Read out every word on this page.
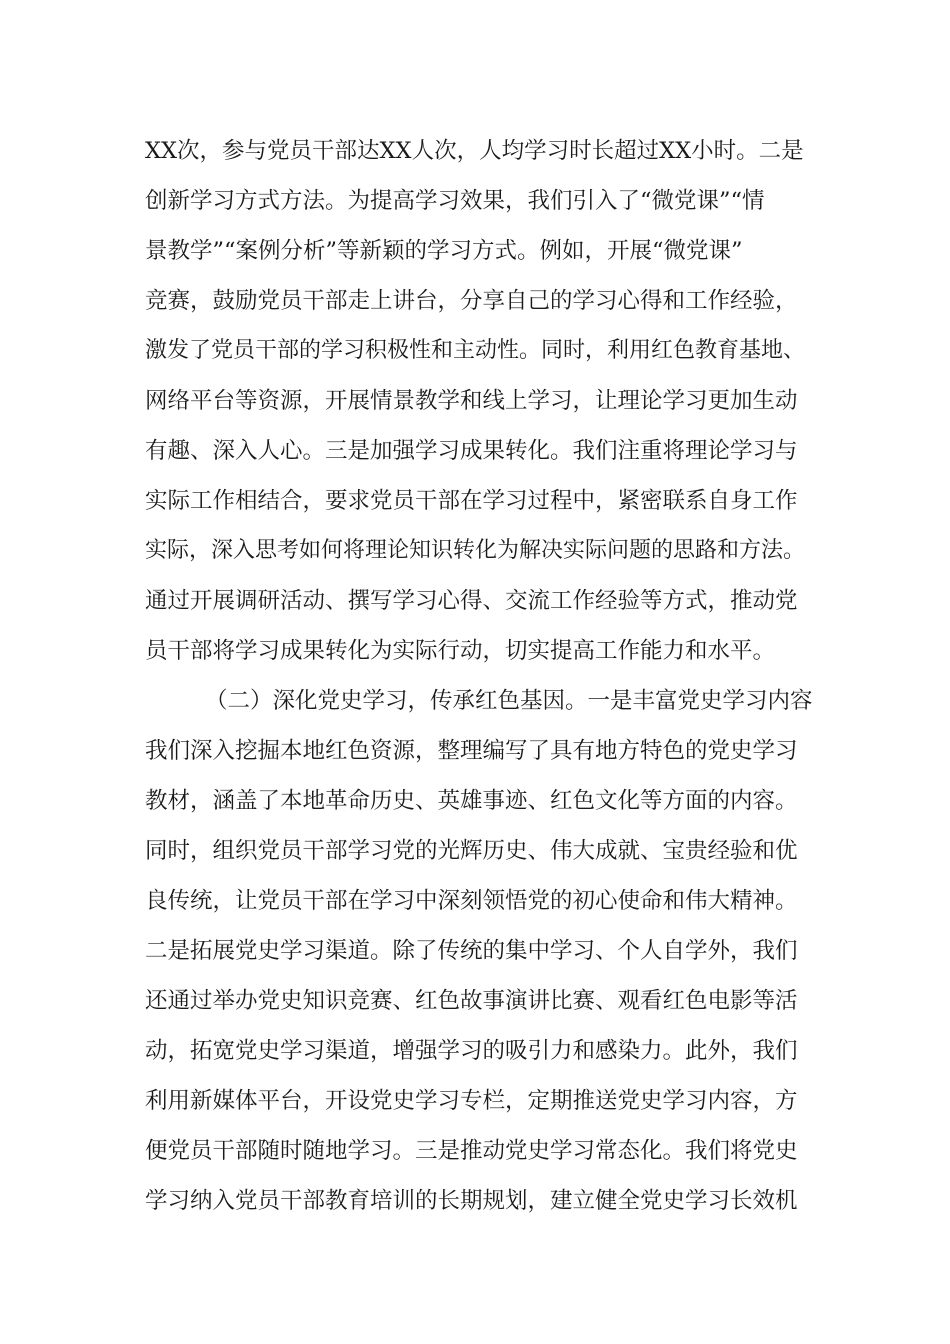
XX次，参与党员干部达XX人次，人均学习时长超过XX小时。二是
创新学习方式方法。为提高学习效果，我们引入了“微党课”“情
景教学”“案例分析”等新颖的学习方式。例如，开展“微党课”
竞赛，鼓励党员干部走上讲台，分享自己的学习心得和工作经验，
激发了党员干部的学习积极性和主动性。同时，利用红色教育基地、
网络平台等资源，开展情景教学和线上学习，让理论学习更加生动
有趣、深入人心。三是加强学习成果转化。我们注重将理论学习与
实际工作相结合，要求党员干部在学习过程中，紧密联系自身工作
实际，深入思考如何将理论知识转化为解决实际问题的思路和方法。
通过开展调研活动、撰写学习心得、交流工作经验等方式，推动党
员干部将学习成果转化为实际行动，切实提高工作能力和水平。
（二）深化党史学习，传承红色基因。一是丰富党史学习内容
我们深入挖掘本地红色资源，整理编写了具有地方特色的党史学习
教材，涵盖了本地革命历史、英雄事迹、红色文化等方面的内容。
同时，组织党员干部学习党的光辉历史、伟大成就、宝贵经验和优
良传统，让党员干部在学习中深刻领悟党的初心使命和伟大精神。
二是拓展党史学习渠道。除了传统的集中学习、个人自学外，我们
还通过举办党史知识竞赛、红色故事演讲比赛、观看红色电影等活
动，拓宽党史学习渠道，增强学习的吸引力和感染力。此外，我们
利用新媒体平台，开设党史学习专栏，定期推送党史学习内容，方
便党员干部随时随地学习。三是推动党史学习常态化。我们将党史
学习纳入党员干部教育培训的长期规划，建立健全党史学习长效机
